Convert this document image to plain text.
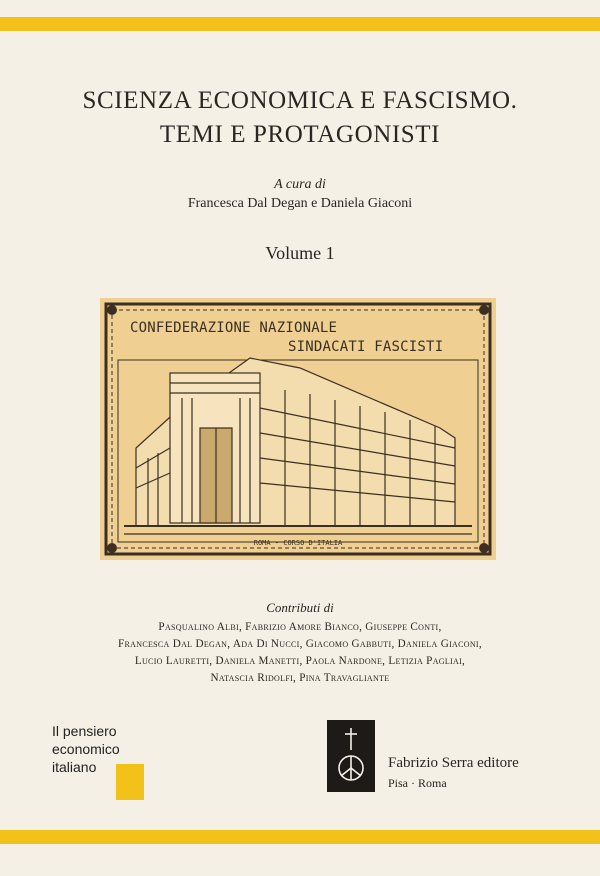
SCIENZA ECONOMICA E FASCISMO.
TEMI E PROTAGONISTI
A cura di
Francesca Dal Degan e Daniela Giaconi
Volume 1
ROMA - CORSO D'ITALIA
CONFEDERAZIONE NAZIONALE
SINDACATI FASCISTI
Contributi di
Pasqualino Albi, Fabrizio Amore Bianco, Giuseppe Conti,
Francesca Dal Degan, Ada Di Nucci, Giacomo Gabbuti, Daniela Giaconi,
Lucio Lauretti, Daniela Manetti, Paola Nardone, Letizia Pagliai,
Natascia Ridolfi, Pina Travagliante
Il pensiero
economico
italiano	Fabrizio Serra editore
Pisa · Roma
